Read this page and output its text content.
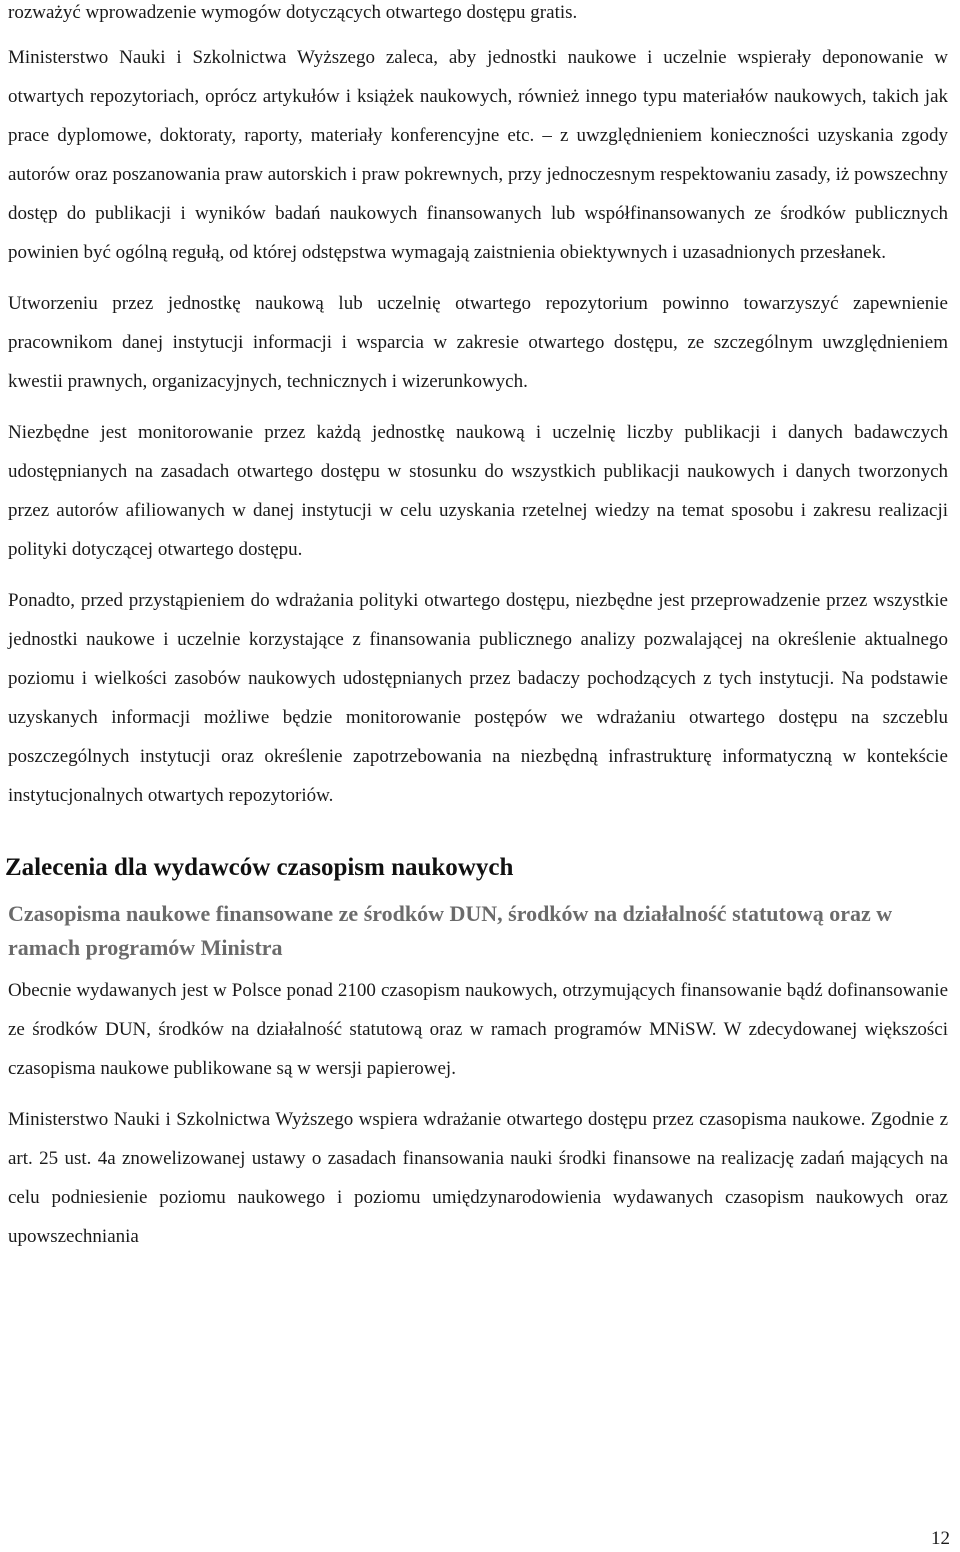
rozważyć wprowadzenie wymogów dotyczących otwartego dostępu gratis.

Ministerstwo Nauki i Szkolnictwa Wyższego zaleca, aby jednostki naukowe i uczelnie wspierały deponowanie w otwartych repozytoriach, oprócz artykułów i książek naukowych, również innego typu materiałów naukowych, takich jak prace dyplomowe, doktoraty, raporty, materiały konferencyjne etc. – z uwzględnieniem konieczności uzyskania zgody autorów oraz poszanowania praw autorskich i praw pokrewnych, przy jednoczesnym respektowaniu zasady, iż powszechny dostęp do publikacji i wyników badań naukowych finansowanych lub współfinansowanych ze środków publicznych powinien być ogólną regułą, od której odstępstwa wymagają zaistnienia obiektywnych i uzasadnionych przesłanek.

Utworzeniu przez jednostkę naukową lub uczelnię otwartego repozytorium powinno towarzyszyć zapewnienie pracownikom danej instytucji informacji i wsparcia w zakresie otwartego dostępu, ze szczególnym uwzględnieniem kwestii prawnych, organizacyjnych, technicznych i wizerunkowych.

Niezbędne jest monitorowanie przez każdą jednostkę naukową i uczelnię liczby publikacji i danych badawczych udostępnianych na zasadach otwartego dostępu w stosunku do wszystkich publikacji naukowych i danych tworzonych przez autorów afiliowanych w danej instytucji w celu uzyskania rzetelnej wiedzy na temat sposobu i zakresu realizacji polityki dotyczącej otwartego dostępu.

Ponadto, przed przystąpieniem do wdrażania polityki otwartego dostępu, niezbędne jest przeprowadzenie przez wszystkie jednostki naukowe i uczelnie korzystające z finansowania publicznego analizy pozwalającej na określenie aktualnego poziomu i wielkości zasobów naukowych udostępnianych przez badaczy pochodzących z tych instytucji. Na podstawie uzyskanych informacji możliwe będzie monitorowanie postępów we wdrażaniu otwartego dostępu na szczeblu poszczególnych instytucji oraz określenie zapotrzebowania na niezbędną infrastrukturę informatyczną w kontekście instytucjonalnych otwartych repozytoriów.

Zalecenia dla wydawców czasopism naukowych
Czasopisma naukowe finansowane ze środków DUN, środków na działalność statutową oraz w ramach programów Ministra

Obecnie wydawanych jest w Polsce ponad 2100 czasopism naukowych, otrzymujących finansowanie bądź dofinansowanie ze środków DUN, środków na działalność statutową oraz w ramach programów MNiSW. W zdecydowanej większości czasopisma naukowe publikowane są w wersji papierowej.

Ministerstwo Nauki i Szkolnictwa Wyższego wspiera wdrażanie otwartego dostępu przez czasopisma naukowe. Zgodnie z art. 25 ust. 4a znowelizowanej ustawy o zasadach finansowania nauki środki finansowe na realizację zadań mających na celu podniesienie poziomu naukowego i poziomu umiędzynarodowienia wydawanych czasopism naukowych oraz upowszechniania

12
